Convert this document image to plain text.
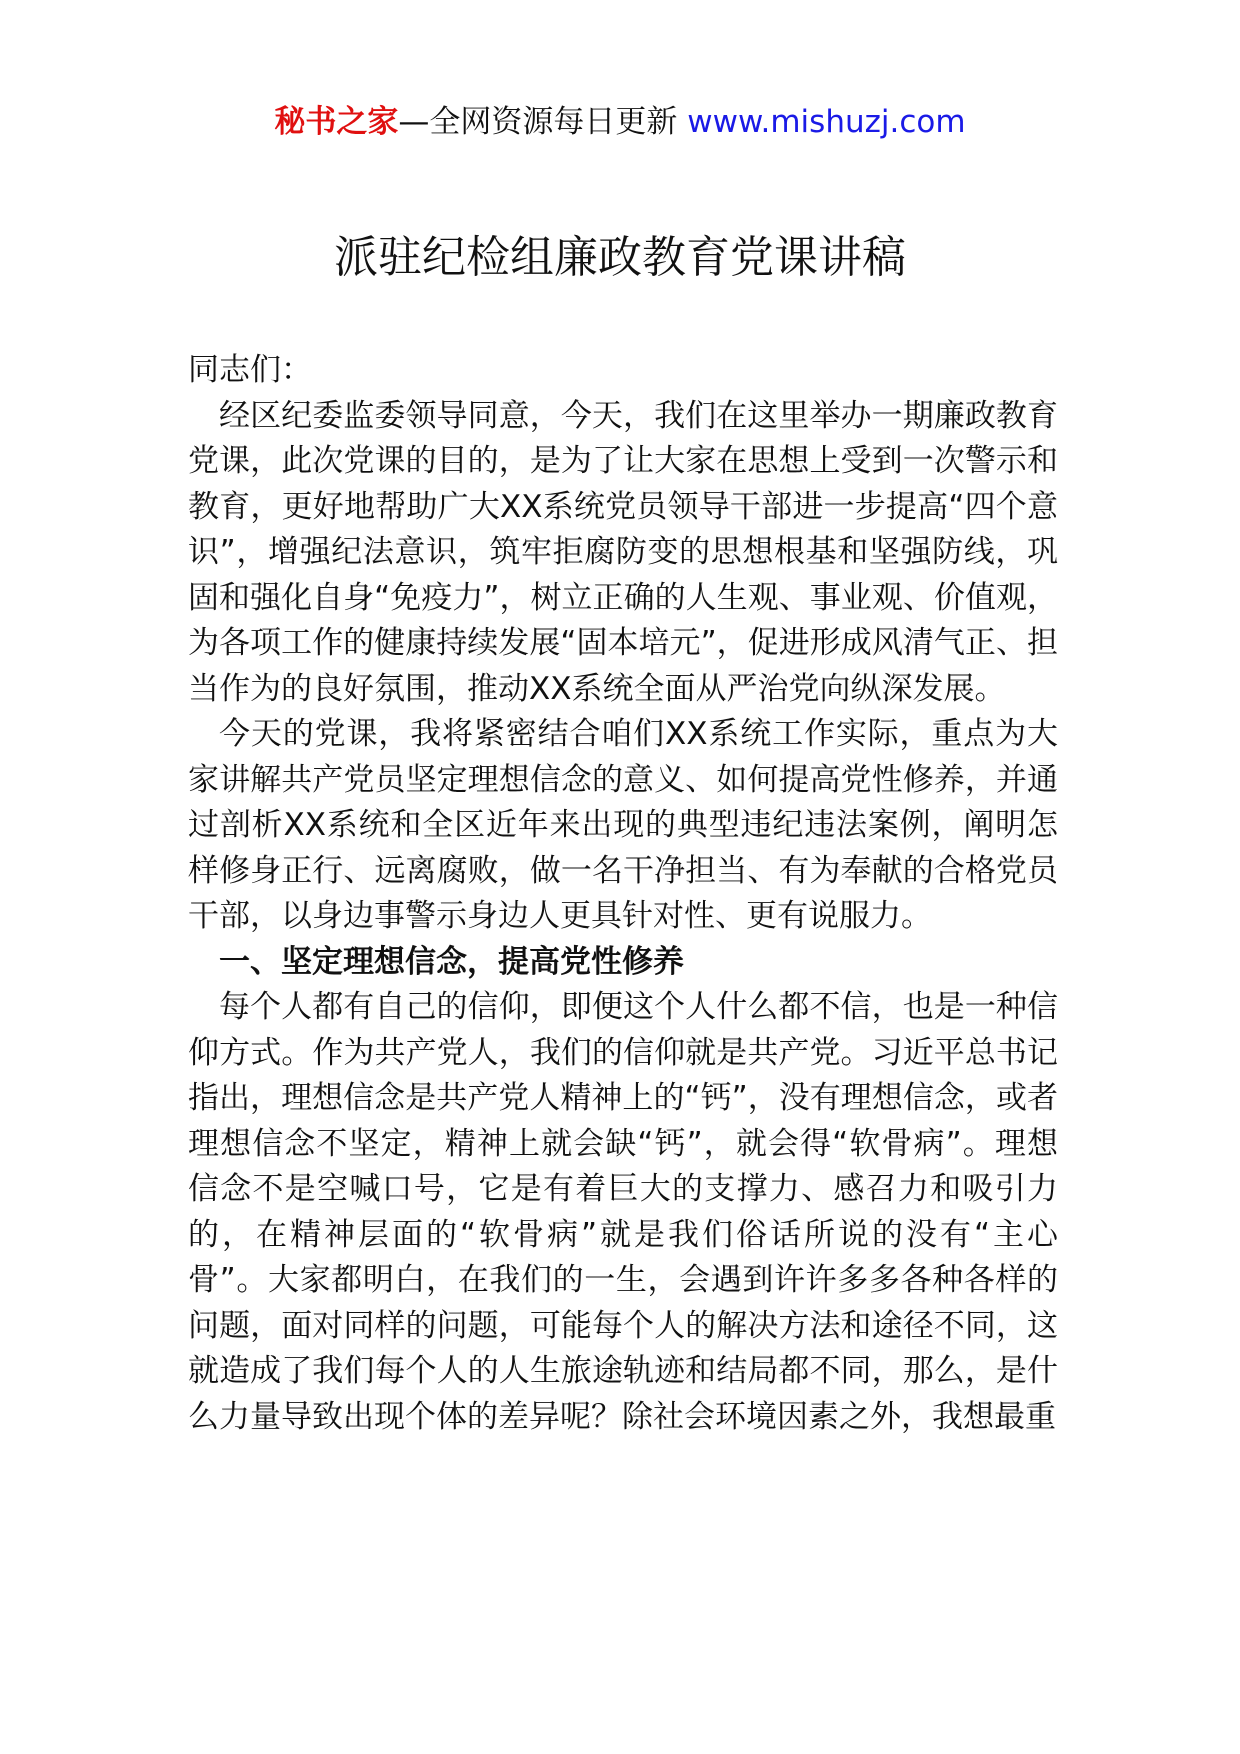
秘书之家—全网资源每日更新 www.mishuzj.com
派驻纪检组廉政教育党课讲稿

同志们：

经区纪委监委领导同意，今天，我们在这里举办一期廉政教育党课，此次党课的目的，是为了让大家在思想上受到一次警示和教育，更好地帮助广大XX系统党员领导干部进一步提高“四个意识”，增强纪法意识，筑牢拒腐防变的思想根基和坚强防线，巩固和强化自身“免疫力”，树立正确的人生观、事业观、价值观，为各项工作的健康持续发展“固本培元”，促进形成风清气正、担当作为的良好氛围，推动XX系统全面从严治党向纵深发展。

今天的党课，我将紧密结合咱们XX系统工作实际，重点为大家讲解共产党员坚定理想信念的意义、如何提高党性修养，并通过剖析XX系统和全区近年来出现的典型违纪违法案例，阐明怎样修身正行、远离腐败，做一名干净担当、有为奉献的合格党员干部，以身边事警示身边人更具针对性、更有说服力。

一、坚定理想信念，提高党性修养

每个人都有自己的信仰，即便这个人什么都不信，也是一种信仰方式。作为共产党人，我们的信仰就是共产党。习近平总书记指出，理想信念是共产党人精神上的“钙”，没有理想信念，或者理想信念不坚定，精神上就会缺“钙”，就会得“软骨病”。理想信念不是空喊口号，它是有着巨大的支撑力、感召力和吸引力的，在精神层面的“软骨病”就是我们俗话所说的没有“主心骨”。大家都明白，在我们的一生，会遇到许许多多各种各样的问题，面对同样的问题，可能每个人的解决方法和途径不同，这就造成了我们每个人的人生旅途轨迹和结局都不同，那么，是什么力量导致出现个体的差异呢？除社会环境因素之外，我想最重
